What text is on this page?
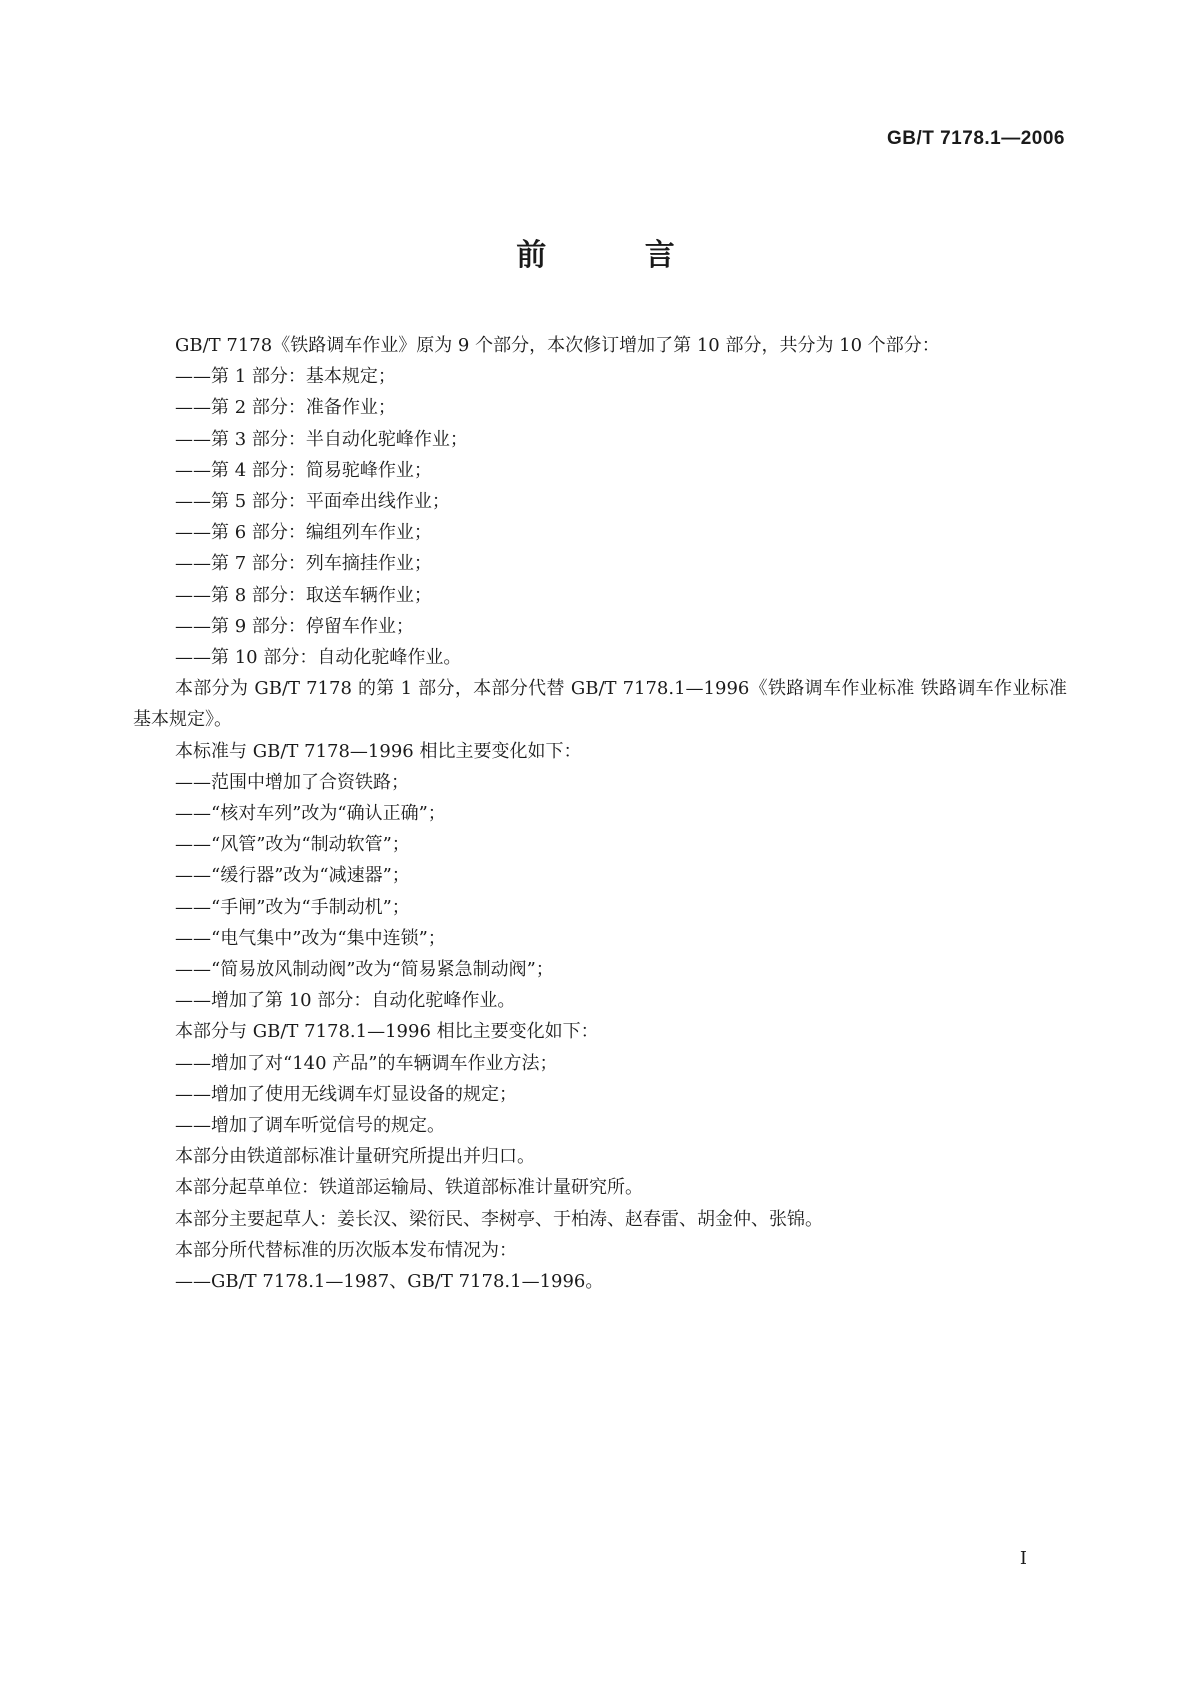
GB/T 7178.1—2006
前 言

GB/T 7178《铁路调车作业》原为 9 个部分，本次修订增加了第 10 部分，共分为 10 个部分：

——第 1 部分：基本规定；

——第 2 部分：准备作业；

——第 3 部分：半自动化驼峰作业；

——第 4 部分：简易驼峰作业；

——第 5 部分：平面牵出线作业；

——第 6 部分：编组列车作业；

——第 7 部分：列车摘挂作业；

——第 8 部分：取送车辆作业；

——第 9 部分：停留车作业；

——第 10 部分：自动化驼峰作业。

本部分为 GB/T 7178 的第 1 部分，本部分代替 GB/T 7178.1—1996《铁路调车作业标准 铁路调车作业标准基本规定》。

本标准与 GB/T 7178—1996 相比主要变化如下：

——范围中增加了合资铁路；

——“核对车列”改为“确认正确”；

——“风管”改为“制动软管”；

——“缓行器”改为“减速器”；

——“手闸”改为“手制动机”；

——“电气集中”改为“集中连锁”；

——“简易放风制动阀”改为“简易紧急制动阀”；

——增加了第 10 部分：自动化驼峰作业。

本部分与 GB/T 7178.1—1996 相比主要变化如下：

——增加了对“140 产品”的车辆调车作业方法；

——增加了使用无线调车灯显设备的规定；

——增加了调车听觉信号的规定。

本部分由铁道部标准计量研究所提出并归口。

本部分起草单位：铁道部运输局、铁道部标准计量研究所。

本部分主要起草人：姜长汉、梁衍民、李树亭、于柏涛、赵春雷、胡金仲、张锦。

本部分所代替标准的历次版本发布情况为：

——GB/T 7178.1—1987、GB/T 7178.1—1996。

I
